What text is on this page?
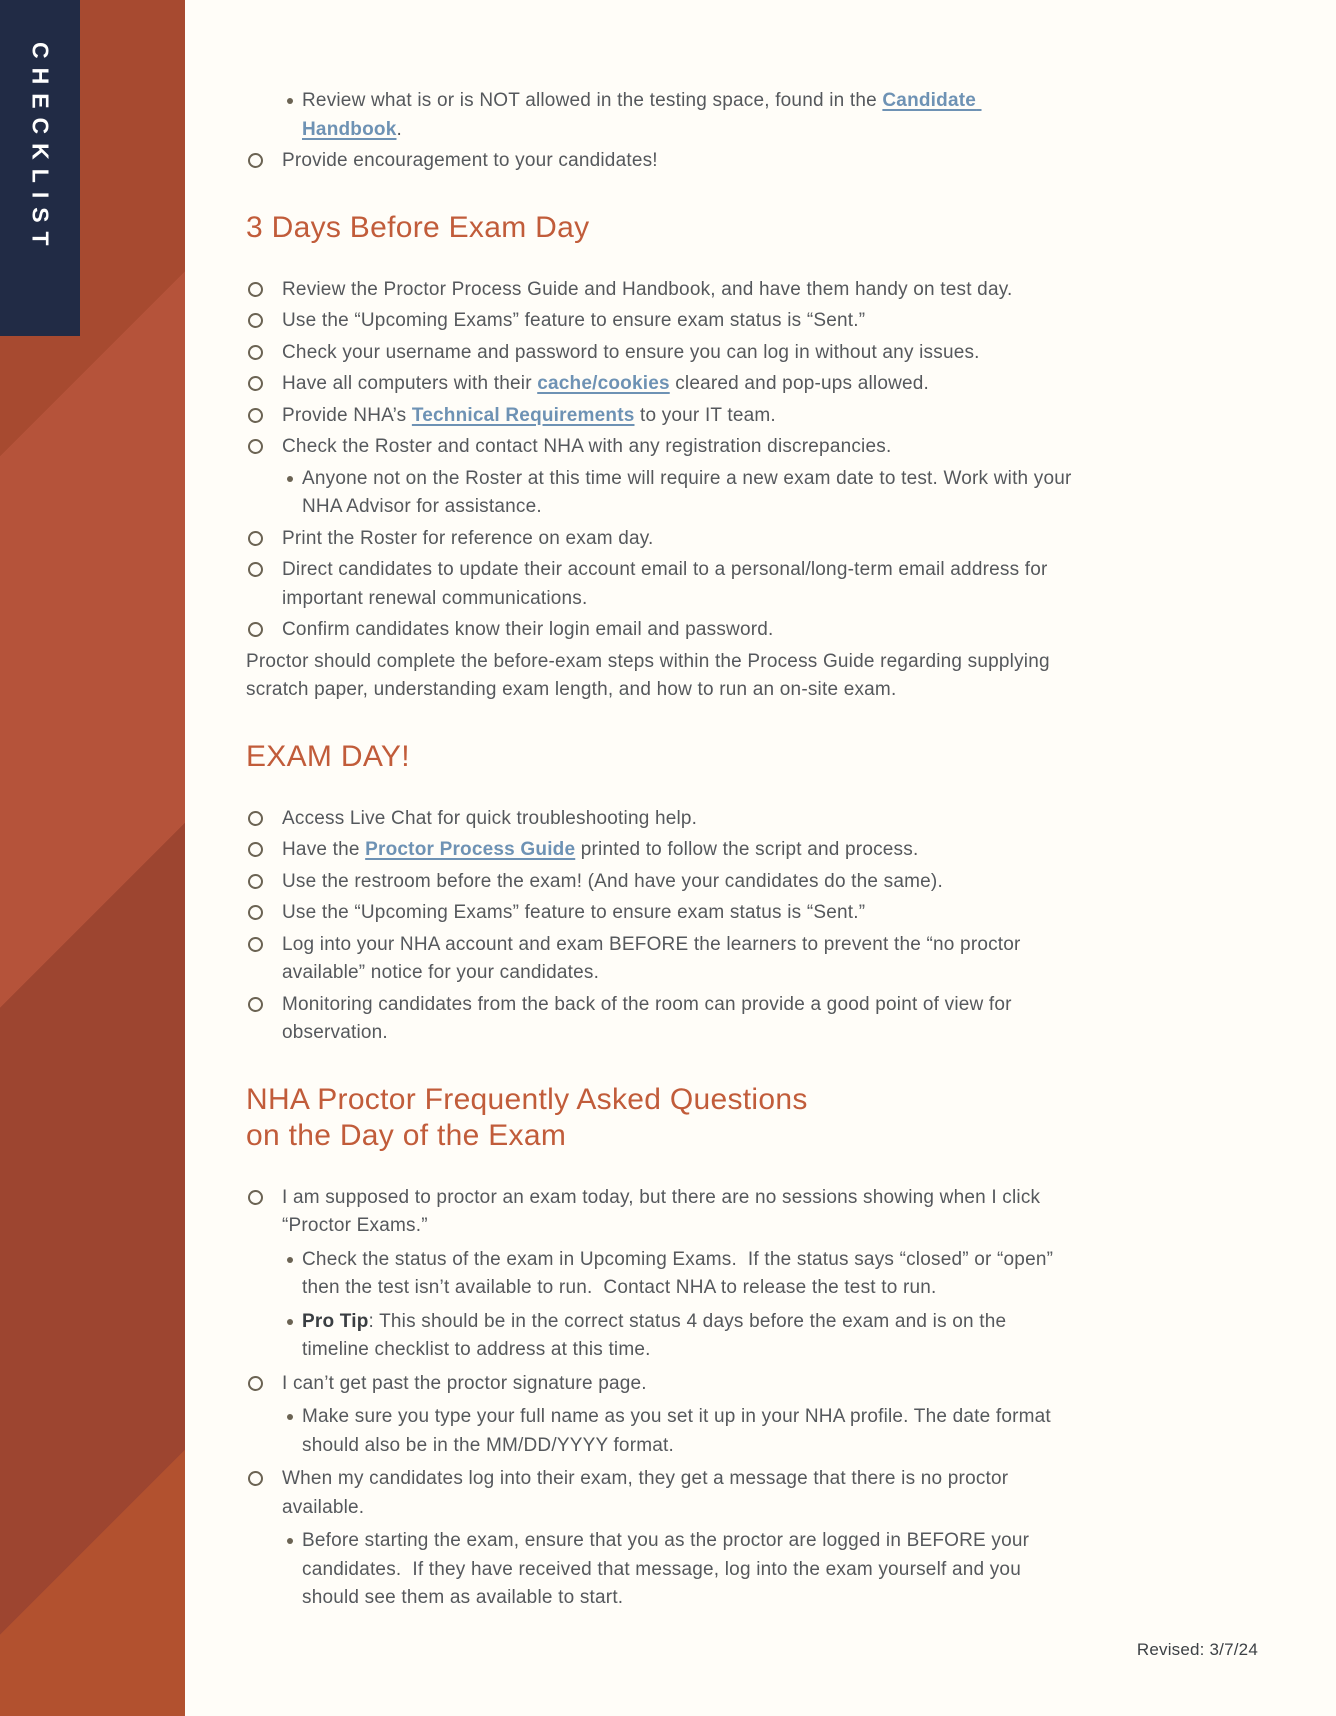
CHECKLIST	Review what is or is NOT allowed in the testing space, found in the Candidate Handbook.
Provide encouragement to your candidates!
3 Days Before Exam Day
Review the Proctor Process Guide and Handbook, and have them handy on test day.
Use the “Upcoming Exams” feature to ensure exam status is “Sent.”
Check your username and password to ensure you can log in without any issues.
Have all computers with their cache/cookies cleared and pop-ups allowed.
Provide NHA’s Technical Requirements to your IT team.
Check the Roster and contact NHA with any registration discrepancies.
Anyone not on the Roster at this time will require a new exam date to test. Work with your NHA Advisor for assistance.
Print the Roster for reference on exam day.
Direct candidates to update their account email to a personal/long-term email address for important renewal communications.
Confirm candidates know their login email and password.
Proctor should complete the before-exam steps within the Process Guide regarding supplying scratch paper, understanding exam length, and how to run an on-site exam.
EXAM DAY!
Access Live Chat for quick troubleshooting help.
Have the Proctor Process Guide printed to follow the script and process.
Use the restroom before the exam! (And have your candidates do the same).
Use the “Upcoming Exams” feature to ensure exam status is “Sent.”
Log into your NHA account and exam BEFORE the learners to prevent the “no proctor available” notice for your candidates.
Monitoring candidates from the back of the room can provide a good point of view for observation.
NHA Proctor Frequently Asked Questions
on the Day of the Exam
I am supposed to proctor an exam today, but there are no sessions showing when I click “Proctor Exams.”
Check the status of the exam in Upcoming Exams.  If the status says “closed” or “open” then the test isn’t available to run.  Contact NHA to release the test to run.
Pro Tip: This should be in the correct status 4 days before the exam and is on the timeline checklist to address at this time.
I can’t get past the proctor signature page.
Make sure you type your full name as you set it up in your NHA profile. The date format should also be in the MM/DD/YYYY format.
When my candidates log into their exam, they get a message that there is no proctor available.
Before starting the exam, ensure that you as the proctor are logged in BEFORE your candidates.  If they have received that message, log into the exam yourself and you should see them as available to start.
Revised: 3/7/24
